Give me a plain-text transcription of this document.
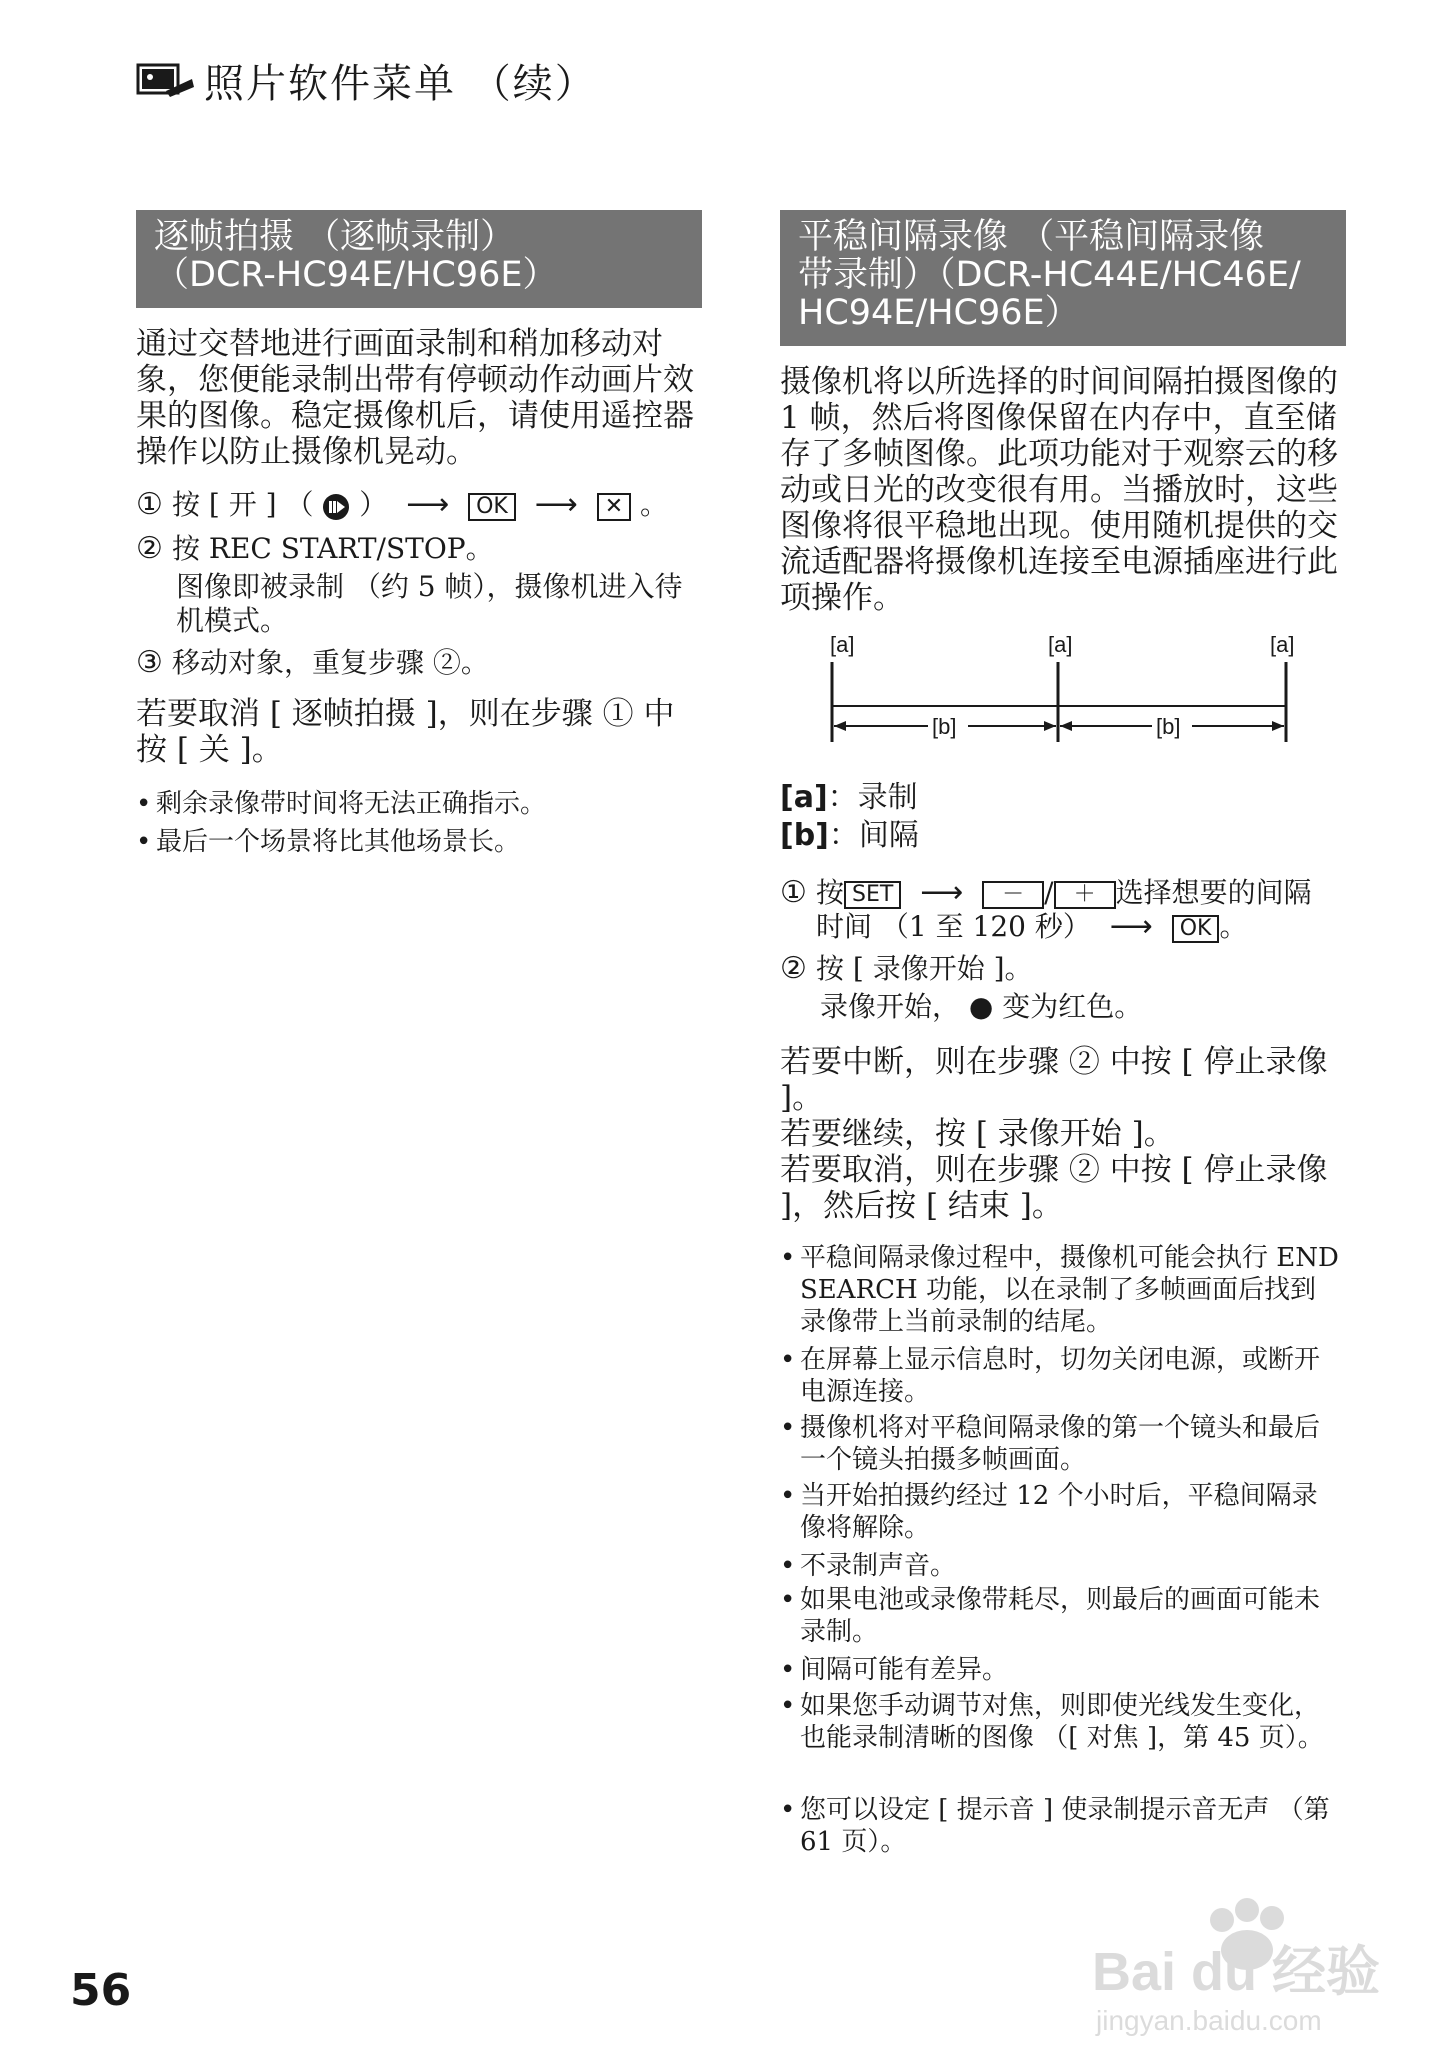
照片软件菜单 （续）
逐帧拍摄 （逐帧录制）
（DCR-HC94E/HC96E）
通过交替地进行画面录制和稍加移动对象，您便能录制出带有停顿动作动画片效果的图像。稳定摄像机后，请使用遥控器操作以防止摄像机晃动。
① 按 [ 开 ] （ ） ⟶ OK ⟶ ✕ 。
② 按 REC START/STOP。
图像即被录制 （约 5 帧），摄像机进入待机模式。
③ 移动对象，重复步骤 ②。
若要取消 [ 逐帧拍摄 ]，则在步骤 ① 中按 [ 关 ]。
• 剩余录像带时间将无法正确指示。
• 最后一个场景将比其他场景长。
平稳间隔录像 （平稳间隔录像
带录制）（DCR-HC44E/HC46E/
HC94E/HC96E）
摄像机将以所选择的时间间隔拍摄图像的 1 帧，然后将图像保留在内存中，直至储存了多帧图像。此项功能对于观察云的移动或日光的改变很有用。当播放时，这些图像将很平稳地出现。使用随机提供的交流适配器将摄像机连接至电源插座进行此项操作。
[a]	[a]	[a]
[b]	[b]
[a]：录制
[b]：间隔
① 按 SET ⟶ － / ＋ 选择想要的间隔
时间 （1 至 120 秒） ⟶ OK 。
② 按 [ 录像开始 ]。
录像开始， ● 变为红色。
若要中断，则在步骤 ② 中按 [ 停止录像 ]。
若要继续，按 [ 录像开始 ]。
若要取消，则在步骤 ② 中按 [ 停止录像 ]，然后按 [ 结束 ]。
• 平稳间隔录像过程中，摄像机可能会执行 END SEARCH 功能，以在录制了多帧画面后找到录像带上当前录制的结尾。
• 在屏幕上显示信息时，切勿关闭电源，或断开电源连接。
• 摄像机将对平稳间隔录像的第一个镜头和最后一个镜头拍摄多帧画面。
• 当开始拍摄约经过 12 个小时后，平稳间隔录像将解除。
• 不录制声音。
• 如果电池或录像带耗尽，则最后的画面可能未录制。
• 间隔可能有差异。
• 如果您手动调节对焦，则即使光线发生变化，也能录制清晰的图像 （[ 对焦 ]，第 45 页）。
• 您可以设定 [ 提示音 ] 使录制提示音无声 （第 61 页）。
56	Bai du 经验
jingyan.baidu.com
